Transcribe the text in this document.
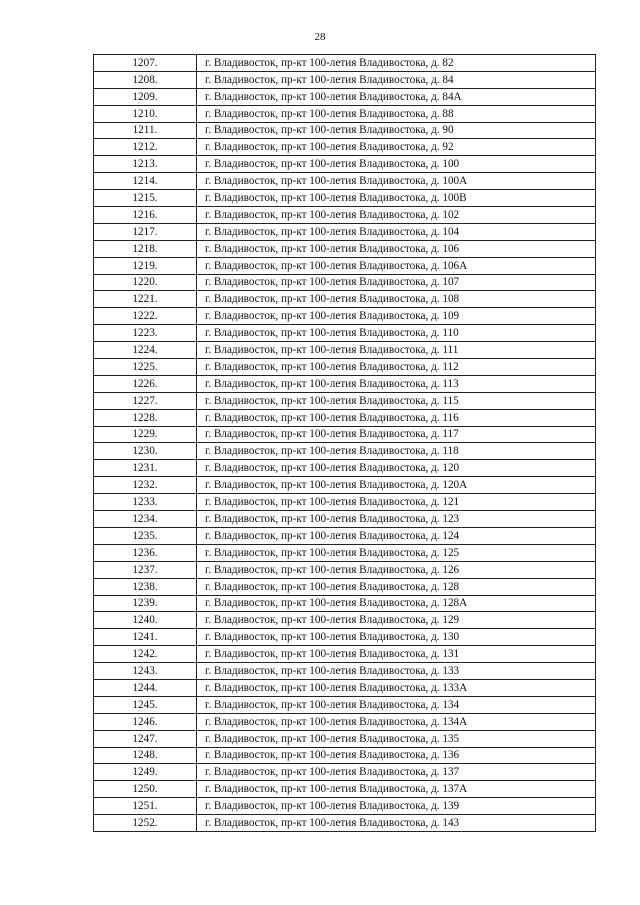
28
1207.	г. Владивосток, пр-кт 100-летия Владивостока, д. 82
1208.	г. Владивосток, пр-кт 100-летия Владивостока, д. 84
1209.	г. Владивосток, пр-кт 100-летия Владивостока, д. 84А
1210.	г. Владивосток, пр-кт 100-летия Владивостока, д. 88
1211.	г. Владивосток, пр-кт 100-летия Владивостока, д. 90
1212.	г. Владивосток, пр-кт 100-летия Владивостока, д. 92
1213.	г. Владивосток, пр-кт 100-летия Владивостока, д. 100
1214.	г. Владивосток, пр-кт 100-летия Владивостока, д. 100А
1215.	г. Владивосток, пр-кт 100-летия Владивостока, д. 100В
1216.	г. Владивосток, пр-кт 100-летия Владивостока, д. 102
1217.	г. Владивосток, пр-кт 100-летия Владивостока, д. 104
1218.	г. Владивосток, пр-кт 100-летия Владивостока, д. 106
1219.	г. Владивосток, пр-кт 100-летия Владивостока, д. 106А
1220.	г. Владивосток, пр-кт 100-летия Владивостока, д. 107
1221.	г. Владивосток, пр-кт 100-летия Владивостока, д. 108
1222.	г. Владивосток, пр-кт 100-летия Владивостока, д. 109
1223.	г. Владивосток, пр-кт 100-летия Владивостока, д. 110
1224.	г. Владивосток, пр-кт 100-летия Владивостока, д. 111
1225.	г. Владивосток, пр-кт 100-летия Владивостока, д. 112
1226.	г. Владивосток, пр-кт 100-летия Владивостока, д. 113
1227.	г. Владивосток, пр-кт 100-летия Владивостока, д. 115
1228.	г. Владивосток, пр-кт 100-летия Владивостока, д. 116
1229.	г. Владивосток, пр-кт 100-летия Владивостока, д. 117
1230.	г. Владивосток, пр-кт 100-летия Владивостока, д. 118
1231.	г. Владивосток, пр-кт 100-летия Владивостока, д. 120
1232.	г. Владивосток, пр-кт 100-летия Владивостока, д. 120А
1233.	г. Владивосток, пр-кт 100-летия Владивостока, д. 121
1234.	г. Владивосток, пр-кт 100-летия Владивостока, д. 123
1235.	г. Владивосток, пр-кт 100-летия Владивостока, д. 124
1236.	г. Владивосток, пр-кт 100-летия Владивостока, д. 125
1237.	г. Владивосток, пр-кт 100-летия Владивостока, д. 126
1238.	г. Владивосток, пр-кт 100-летия Владивостока, д. 128
1239.	г. Владивосток, пр-кт 100-летия Владивостока, д. 128А
1240.	г. Владивосток, пр-кт 100-летия Владивостока, д. 129
1241.	г. Владивосток, пр-кт 100-летия Владивостока, д. 130
1242.	г. Владивосток, пр-кт 100-летия Владивостока, д. 131
1243.	г. Владивосток, пр-кт 100-летия Владивостока, д. 133
1244.	г. Владивосток, пр-кт 100-летия Владивостока, д. 133А
1245.	г. Владивосток, пр-кт 100-летия Владивостока, д. 134
1246.	г. Владивосток, пр-кт 100-летия Владивостока, д. 134А
1247.	г. Владивосток, пр-кт 100-летия Владивостока, д. 135
1248.	г. Владивосток, пр-кт 100-летия Владивостока, д. 136
1249.	г. Владивосток, пр-кт 100-летия Владивостока, д. 137
1250.	г. Владивосток, пр-кт 100-летия Владивостока, д. 137А
1251.	г. Владивосток, пр-кт 100-летия Владивостока, д. 139
1252.	г. Владивосток, пр-кт 100-летия Владивостока, д. 143
